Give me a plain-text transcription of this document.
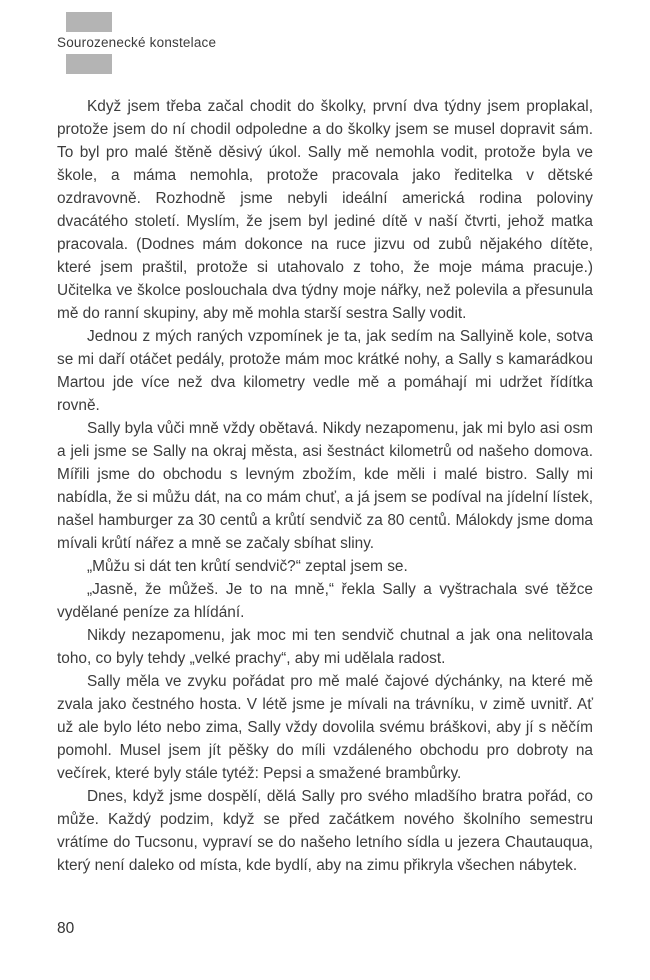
Sourozenecké konstelace

Když jsem třeba začal chodit do školky, první dva týdny jsem proplakal, protože jsem do ní chodil odpoledne a do školky jsem se musel dopravit sám. To byl pro malé štěně děsivý úkol. Sally mě nemohla vodit, protože byla ve škole, a máma nemohla, protože pracovala jako ředitelka v dětské ozdravovně. Rozhodně jsme nebyli ideální americká rodina poloviny dvacátého století. Myslím, že jsem byl jediné dítě v naší čtvrti, jehož matka pracovala. (Dodnes mám dokonce na ruce jizvu od zubů nějakého dítěte, které jsem praštil, protože si utahovalo z toho, že moje máma pracuje.) Učitelka ve školce poslouchala dva týdny moje nářky, než polevila a přesunula mě do ranní skupiny, aby mě mohla starší sestra Sally vodit.

Jednou z mých raných vzpomínek je ta, jak sedím na Sallyině kole, sotva se mi daří otáčet pedály, protože mám moc krátké nohy, a Sally s kamarádkou Martou jde více než dva kilometry vedle mě a pomáhají mi udržet řídítka rovně.

Sally byla vůči mně vždy obětavá. Nikdy nezapomenu, jak mi bylo asi osm a jeli jsme se Sally na okraj města, asi šestnáct kilometrů od našeho domova. Mířili jsme do obchodu s levným zbožím, kde měli i malé bistro. Sally mi nabídla, že si můžu dát, na co mám chuť, a já jsem se podíval na jídelní lístek, našel hamburger za 30 centů a krůtí sendvič za 80 centů. Málokdy jsme doma mívali krůtí nářez a mně se začaly sbíhat sliny.

„Můžu si dát ten krůtí sendvič?“ zeptal jsem se.

„Jasně, že můžeš. Je to na mně,“ řekla Sally a vyštrachala své těžce vydělané peníze za hlídání.

Nikdy nezapomenu, jak moc mi ten sendvič chutnal a jak ona nelitovala toho, co byly tehdy „velké prachy“, aby mi udělala radost.

Sally měla ve zvyku pořádat pro mě malé čajové dýchánky, na které mě zvala jako čestného hosta. V létě jsme je mívali na trávníku, v zimě uvnitř. Ať už ale bylo léto nebo zima, Sally vždy dovolila svému bráškovi, aby jí s něčím pomohl. Musel jsem jít pěšky do míli vzdáleného obchodu pro dobroty na večírek, které byly stále tytéž: Pepsi a smažené brambůrky.

Dnes, když jsme dospělí, dělá Sally pro svého mladšího bratra pořád, co může. Každý podzim, když se před začátkem nového školního semestru vrátíme do Tucsonu, vypraví se do našeho letního sídla u jezera Chautauqua, který není daleko od místa, kde bydlí, aby na zimu přikryla všechen nábytek.

80
